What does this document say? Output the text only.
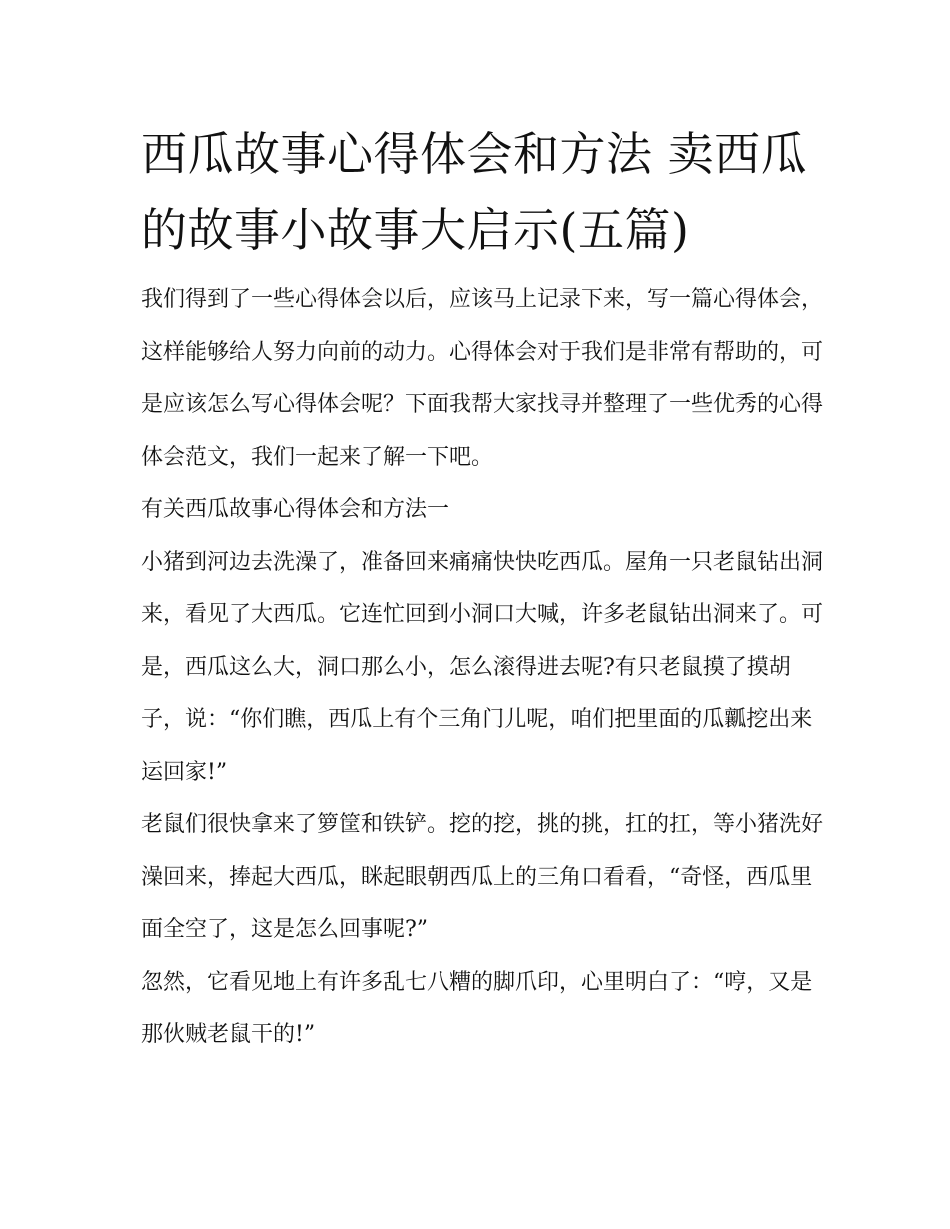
西瓜故事心得体会和方法 卖西瓜的故事小故事大启示(五篇)

我们得到了一些心得体会以后，应该马上记录下来，写一篇心得体会，这样能够给人努力向前的动力。心得体会对于我们是非常有帮助的，可是应该怎么写心得体会呢？下面我帮大家找寻并整理了一些优秀的心得体会范文，我们一起来了解一下吧。

有关西瓜故事心得体会和方法一

小猪到河边去洗澡了，准备回来痛痛快快吃西瓜。屋角一只老鼠钻出洞来，看见了大西瓜。它连忙回到小洞口大喊，许多老鼠钻出洞来了。可是，西瓜这么大，洞口那么小，怎么滚得进去呢?有只老鼠摸了摸胡子，说：“你们瞧，西瓜上有个三角门儿呢，咱们把里面的瓜瓤挖出来运回家!”

老鼠们很快拿来了箩筐和铁铲。挖的挖，挑的挑，扛的扛，等小猪洗好澡回来，捧起大西瓜，眯起眼朝西瓜上的三角口看看，“奇怪，西瓜里面全空了，这是怎么回事呢?”

忽然，它看见地上有许多乱七八糟的脚爪印，心里明白了：“哼，又是那伙贼老鼠干的!”
